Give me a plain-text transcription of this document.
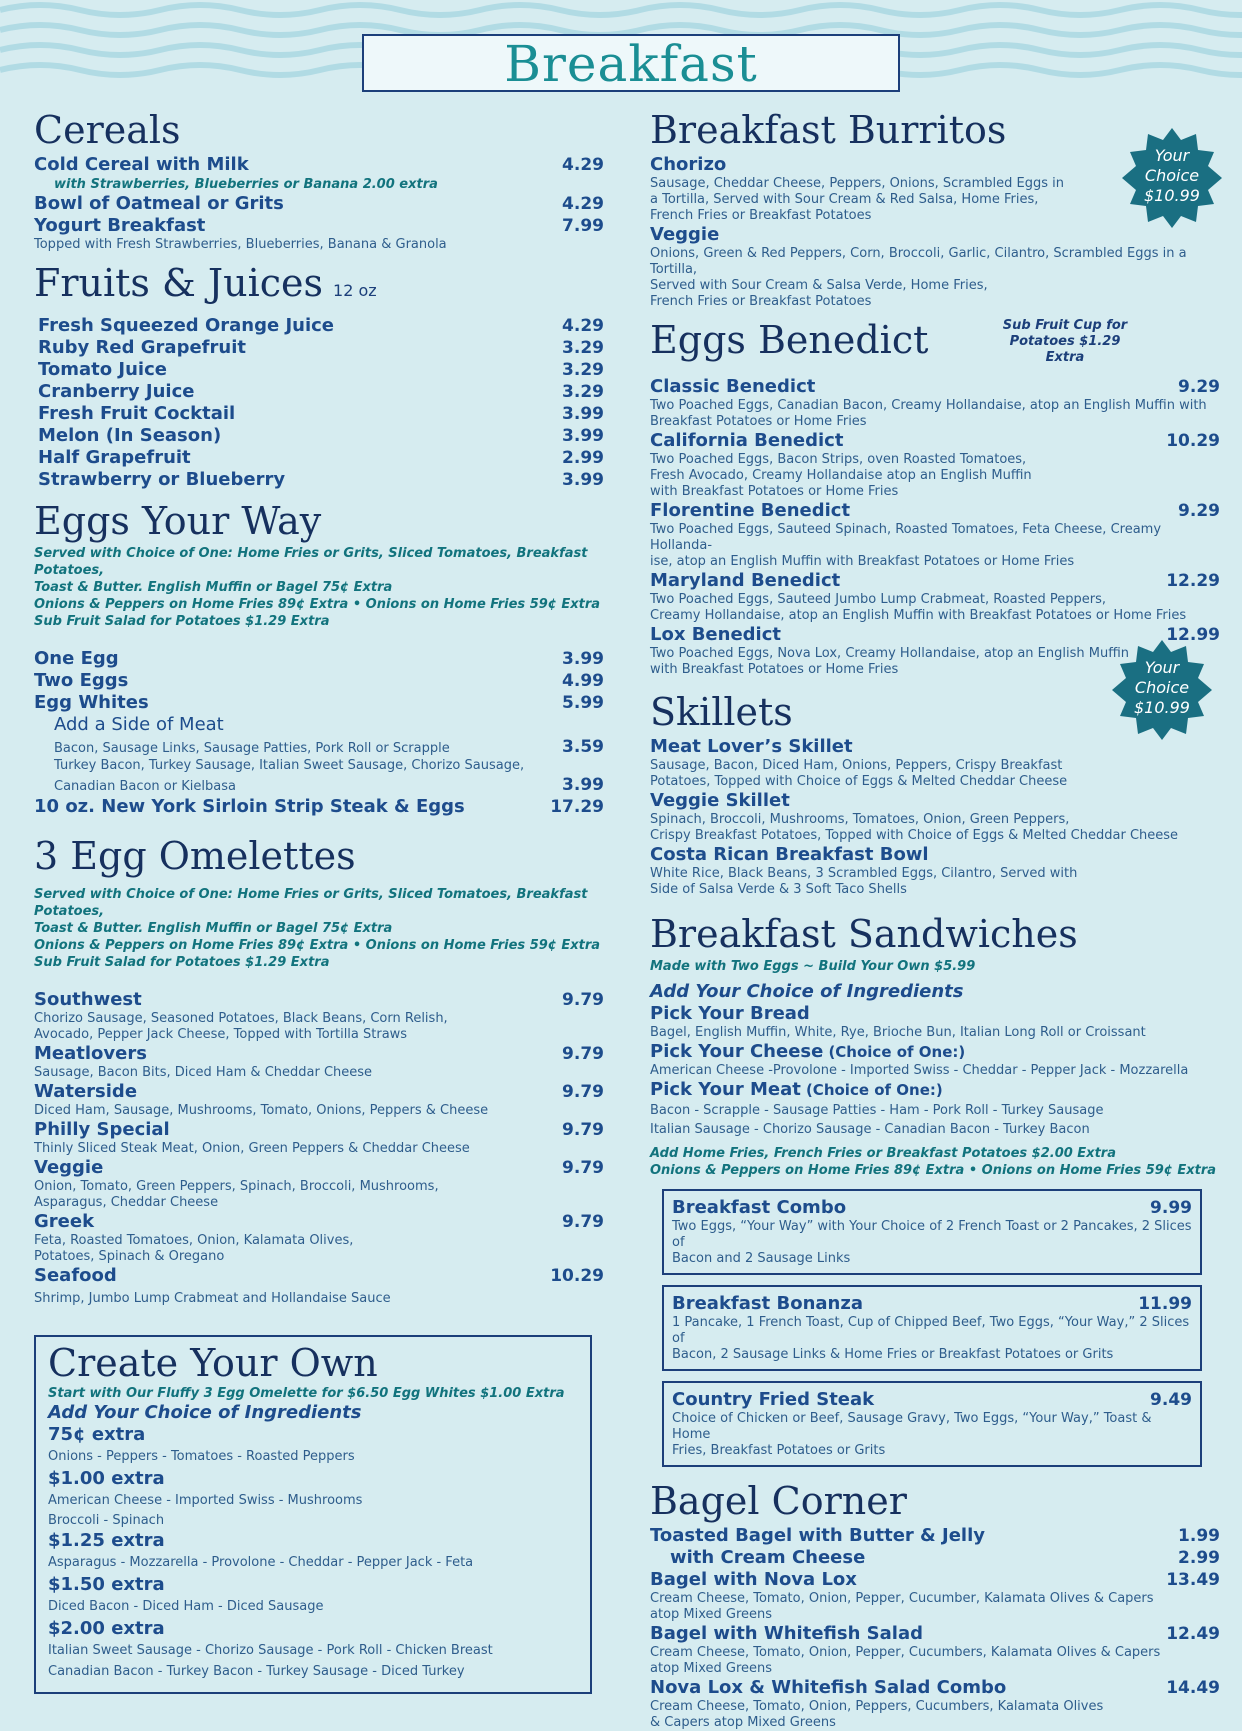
Breakfast
Cereals
Cold Cereal with Milk	4.29
with Strawberries, Blueberries or Banana 2.00 extra
Bowl of Oatmeal or Grits	4.29
Yogurt Breakfast	7.99
Topped with Fresh Strawberries, Blueberries, Banana & Granola
Fruits & Juices 12 oz
Fresh Squeezed Orange Juice	4.29
Ruby Red Grapefruit	3.29
Tomato Juice	3.29
Cranberry Juice	3.29
Fresh Fruit Cocktail	3.99
Melon (In Season)	3.99
Half Grapefruit	2.99
Strawberry or Blueberry	3.99
Eggs Your Way
Served with Choice of One: Home Fries or Grits, Sliced Tomatoes, Breakfast Potatoes,
Toast & Butter. English Muffin or Bagel 75¢ Extra
Onions & Peppers on Home Fries 89¢ Extra • Onions on Home Fries 59¢ Extra
Sub Fruit Salad for Potatoes $1.29 Extra
One Egg	3.99
Two Eggs	4.99
Egg Whites	5.99
Add a Side of Meat
Bacon, Sausage Links, Sausage Patties, Pork Roll or Scrapple	3.59
Turkey Bacon, Turkey Sausage, Italian Sweet Sausage, Chorizo Sausage,
Canadian Bacon or Kielbasa	3.99
10 oz. New York Sirloin Strip Steak & Eggs	17.29
3 Egg Omelettes
Served with Choice of One: Home Fries or Grits, Sliced Tomatoes, Breakfast Potatoes,
Toast & Butter. English Muffin or Bagel 75¢ Extra
Onions & Peppers on Home Fries 89¢ Extra • Onions on Home Fries 59¢ Extra
Sub Fruit Salad for Potatoes $1.29 Extra
Southwest	9.79
Chorizo Sausage, Seasoned Potatoes, Black Beans, Corn Relish,
Avocado, Pepper Jack Cheese, Topped with Tortilla Straws
Meatlovers	9.79
Sausage, Bacon Bits, Diced Ham & Cheddar Cheese
Waterside	9.79
Diced Ham, Sausage, Mushrooms, Tomato, Onions, Peppers & Cheese
Philly Special	9.79
Thinly Sliced Steak Meat, Onion, Green Peppers & Cheddar Cheese
Veggie	9.79
Onion, Tomato, Green Peppers, Spinach, Broccoli, Mushrooms,
Asparagus, Cheddar Cheese
Greek	9.79
Feta, Roasted Tomatoes, Onion, Kalamata Olives,
Potatoes, Spinach & Oregano
Seafood	10.29
Shrimp, Jumbo Lump Crabmeat and Hollandaise Sauce
Create Your Own
Start with Our Fluffy 3 Egg Omelette for $6.50 Egg Whites $1.00 Extra
Add Your Choice of Ingredients
75¢ extra
Onions - Peppers - Tomatoes - Roasted Peppers
$1.00 extra
American Cheese - Imported Swiss - Mushrooms
Broccoli - Spinach
$1.25 extra
Asparagus - Mozzarella - Provolone - Cheddar - Pepper Jack - Feta
$1.50 extra
Diced Bacon - Diced Ham - Diced Sausage
$2.00 extra
Italian Sweet Sausage - Chorizo Sausage - Pork Roll - Chicken Breast
Canadian Bacon - Turkey Bacon - Turkey Sausage - Diced Turkey
Breakfast Burritos
Chorizo
Sausage, Cheddar Cheese, Peppers, Onions, Scrambled Eggs in
a Tortilla, Served with Sour Cream & Red Salsa, Home Fries,
French Fries or Breakfast Potatoes
Veggie
Onions, Green & Red Peppers, Corn, Broccoli, Garlic, Cilantro, Scrambled Eggs in a Tortilla,
Served with Sour Cream & Salsa Verde, Home Fries,
French Fries or Breakfast Potatoes
Eggs Benedict
Classic Benedict	9.29
Two Poached Eggs, Canadian Bacon, Creamy Hollandaise, atop an English Muffin with
Breakfast Potatoes or Home Fries
California Benedict	10.29
Two Poached Eggs, Bacon Strips, oven Roasted Tomatoes,
Fresh Avocado, Creamy Hollandaise atop an English Muffin
with Breakfast Potatoes or Home Fries
Florentine Benedict	9.29
Two Poached Eggs, Sauteed Spinach, Roasted Tomatoes, Feta Cheese, Creamy Hollanda-
ise, atop an English Muffin with Breakfast Potatoes or Home Fries
Maryland Benedict	12.29
Two Poached Eggs, Sauteed Jumbo Lump Crabmeat, Roasted Peppers,
Creamy Hollandaise, atop an English Muffin with Breakfast Potatoes or Home Fries
Lox Benedict	12.99
Two Poached Eggs, Nova Lox, Creamy Hollandaise, atop an English Muffin
with Breakfast Potatoes or Home Fries
Skillets
Meat Lover’s Skillet
Sausage, Bacon, Diced Ham, Onions, Peppers, Crispy Breakfast
Potatoes, Topped with Choice of Eggs & Melted Cheddar Cheese
Veggie Skillet
Spinach, Broccoli, Mushrooms, Tomatoes, Onion, Green Peppers,
Crispy Breakfast Potatoes, Topped with Choice of Eggs & Melted Cheddar Cheese
Costa Rican Breakfast Bowl
White Rice, Black Beans, 3 Scrambled Eggs, Cilantro, Served with
Side of Salsa Verde & 3 Soft Taco Shells
Breakfast Sandwiches
Made with Two Eggs ~ Build Your Own $5.99
Add Your Choice of Ingredients
Pick Your Bread
Bagel, English Muffin, White, Rye, Brioche Bun, Italian Long Roll or Croissant
Pick Your Cheese (Choice of One:)
American Cheese -Provolone - Imported Swiss - Cheddar - Pepper Jack - Mozzarella
Pick Your Meat (Choice of One:)
Bacon - Scrapple - Sausage Patties - Ham - Pork Roll - Turkey Sausage
Italian Sausage - Chorizo Sausage - Canadian Bacon - Turkey Bacon
Add Home Fries, French Fries or Breakfast Potatoes $2.00 Extra
Onions & Peppers on Home Fries 89¢ Extra • Onions on Home Fries 59¢ Extra
Breakfast Combo	9.99
Two Eggs, “Your Way” with Your Choice of 2 French Toast or 2 Pancakes, 2 Slices of
Bacon and 2 Sausage Links
Breakfast Bonanza	11.99
1 Pancake, 1 French Toast, Cup of Chipped Beef, Two Eggs, “Your Way,” 2 Slices of
Bacon, 2 Sausage Links & Home Fries or Breakfast Potatoes or Grits
Country Fried Steak	9.49
Choice of Chicken or Beef, Sausage Gravy, Two Eggs, “Your Way,” Toast & Home
Fries, Breakfast Potatoes or Grits
Bagel Corner
Toasted Bagel with Butter & Jelly	1.99
with Cream Cheese	2.99
Bagel with Nova Lox	13.49
Cream Cheese, Tomato, Onion, Pepper, Cucumber, Kalamata Olives & Capers
atop Mixed Greens
Bagel with Whitefish Salad	12.49
Cream Cheese, Tomato, Onion, Pepper, Cucumbers, Kalamata Olives & Capers
atop Mixed Greens
Nova Lox & Whitefish Salad Combo	14.49
Cream Cheese, Tomato, Onion, Peppers, Cucumbers, Kalamata Olives
& Capers atop Mixed Greens
Sub Fruit Cup for
Potatoes $1.29 Extra
Your
Choice
$10.99
Your
Choice
$10.99
